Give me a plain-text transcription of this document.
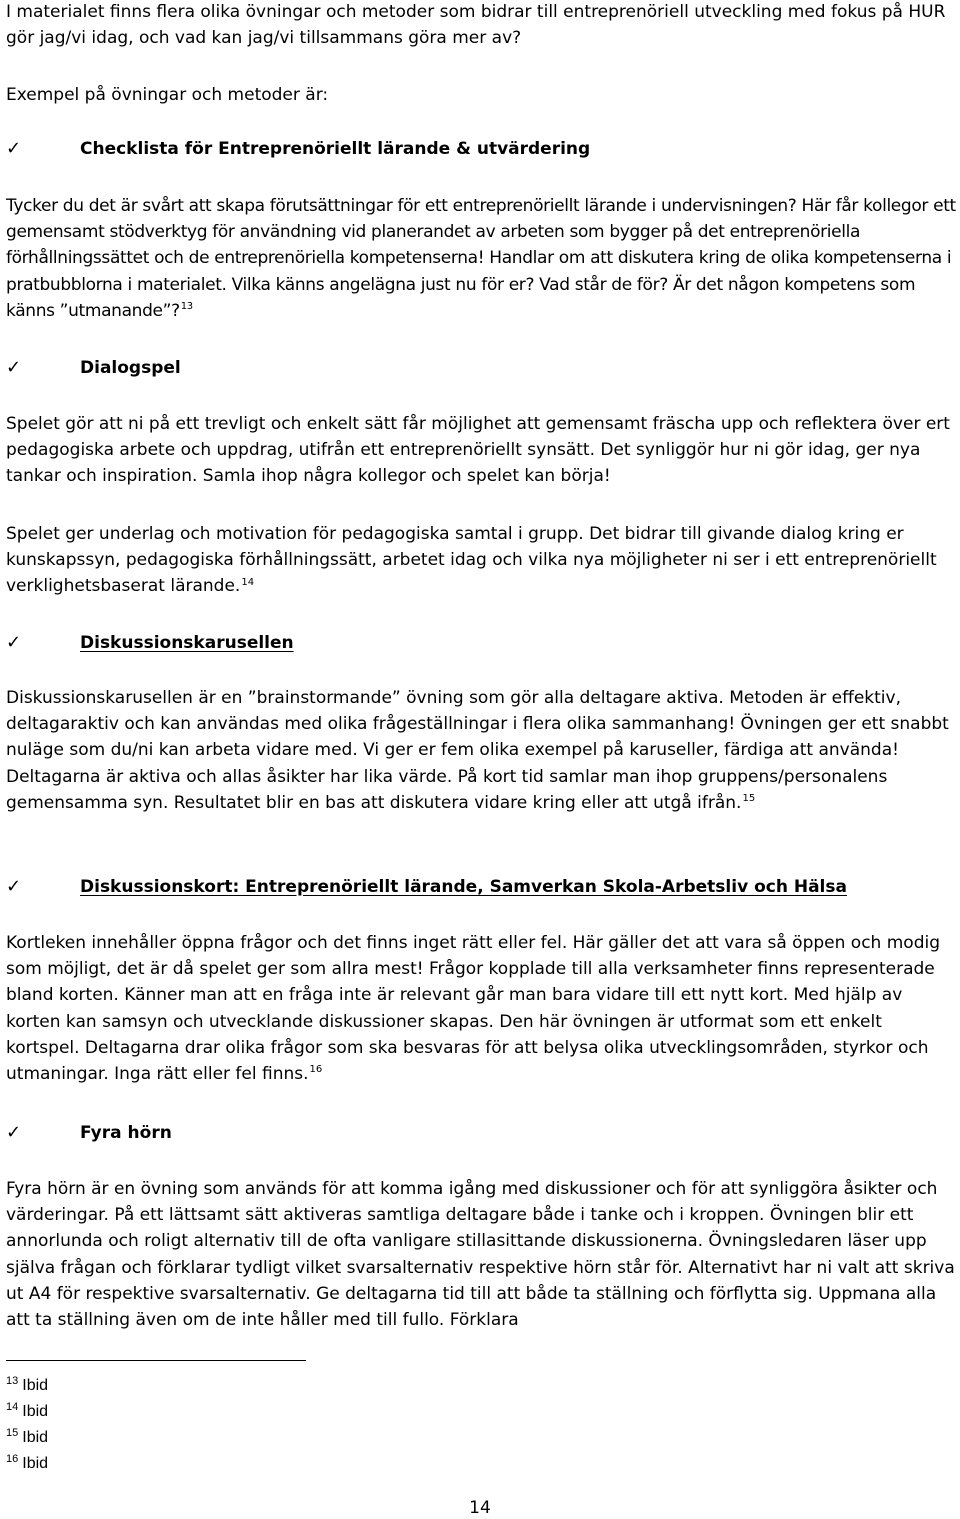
I materialet finns flera olika övningar och metoder som bidrar till entreprenöriell utveckling med fokus på HUR gör jag/vi idag, och vad kan jag/vi tillsammans göra mer av?

Exempel på övningar och metoder är:

✓	Checklista för Entreprenöriellt lärande & utvärdering

Tycker du det är svårt att skapa förutsättningar för ett entreprenöriellt lärande i undervisningen? Här får kollegor ett gemensamt stödverktyg för användning vid planerandet av arbeten som bygger på det entreprenöriella förhållningssättet och de entreprenöriella kompetenserna! Handlar om att diskutera kring de olika kompetenserna i pratbubblorna i materialet. Vilka känns angelägna just nu för er? Vad står de för? Är det någon kompetens som känns ”utmanande”?$^{13}$

✓	Dialogspel

Spelet gör att ni på ett trevligt och enkelt sätt får möjlighet att gemensamt fräscha upp och reflektera över ert pedagogiska arbete och uppdrag, utifrån ett entreprenöriellt synsätt. Det synliggör hur ni gör idag, ger nya tankar och inspiration. Samla ihop några kollegor och spelet kan börja!

Spelet ger underlag och motivation för pedagogiska samtal i grupp. Det bidrar till givande dialog kring er kunskapssyn, pedagogiska förhållningssätt, arbetet idag och vilka nya möjligheter ni ser i ett entreprenöriellt verklighetsbaserat lärande.$^{14}$

✓	Diskussionskarusellen

Diskussionskarusellen är en ”brainstormande” övning som gör alla deltagare aktiva. Metoden är effektiv, deltagaraktiv och kan användas med olika frågeställningar i flera olika sammanhang! Övningen ger ett snabbt nuläge som du/ni kan arbeta vidare med. Vi ger er fem olika exempel på karuseller, färdiga att använda! Deltagarna är aktiva och allas åsikter har lika värde. På kort tid samlar man ihop gruppens/personalens gemensamma syn. Resultatet blir en bas att diskutera vidare kring eller att utgå ifrån.$^{15}$

✓	Diskussionskort: Entreprenöriellt lärande, Samverkan Skola-Arbetsliv och Hälsa

Kortleken innehåller öppna frågor och det finns inget rätt eller fel. Här gäller det att vara så öppen och modig som möjligt, det är då spelet ger som allra mest! Frågor kopplade till alla verksamheter finns representerade bland korten. Känner man att en fråga inte är relevant går man bara vidare till ett nytt kort. Med hjälp av korten kan samsyn och utvecklande diskussioner skapas. Den här övningen är utformat som ett enkelt kortspel. Deltagarna drar olika frågor som ska besvaras för att belysa olika utvecklingsområden, styrkor och utmaningar. Inga rätt eller fel finns.$^{16}$

✓	Fyra hörn

Fyra hörn är en övning som används för att komma igång med diskussioner och för att synliggöra åsikter och värderingar. På ett lättsamt sätt aktiveras samtliga deltagare både i tanke och i kroppen. Övningen blir ett annorlunda och roligt alternativ till de ofta vanligare stillasittande diskussionerna. Övningsledaren läser upp själva frågan och förklarar tydligt vilket svarsalternativ respektive hörn står för. Alternativt har ni valt att skriva ut A4 för respektive svarsalternativ. Ge deltagarna tid till att både ta ställning och förflytta sig. Uppmana alla att ta ställning även om de inte håller med till fullo. Förklara

$^{13}$ Ibid
$^{14}$ Ibid
$^{15}$ Ibid
$^{16}$ Ibid
14
